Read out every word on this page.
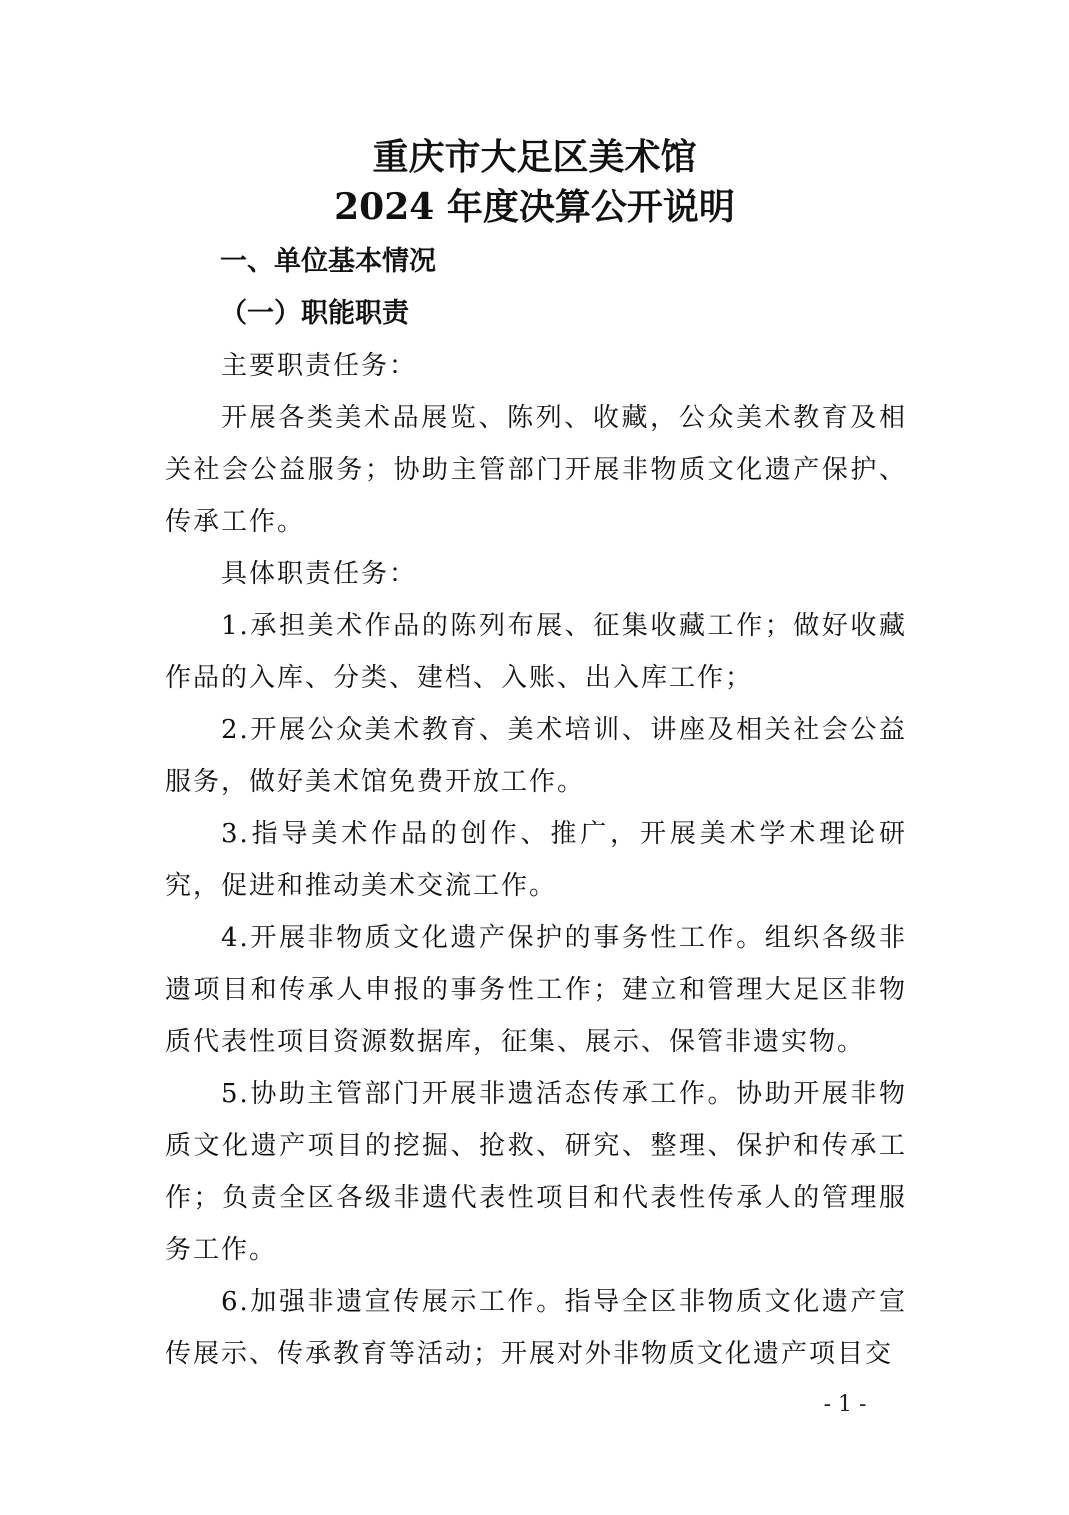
重庆市大足区美术馆
2024 年度决算公开说明

一、单位基本情况

（一）职能职责

主要职责任务：

开展各类美术品展览、陈列、收藏，公众美术教育及相关社会公益服务；协助主管部门开展非物质文化遗产保护、传承工作。

具体职责任务：

1.承担美术作品的陈列布展、征集收藏工作；做好收藏作品的入库、分类、建档、入账、出入库工作；

2.开展公众美术教育、美术培训、讲座及相关社会公益服务，做好美术馆免费开放工作。

3.指导美术作品的创作、推广，开展美术学术理论研究，促进和推动美术交流工作。

4.开展非物质文化遗产保护的事务性工作。组织各级非遗项目和传承人申报的事务性工作；建立和管理大足区非物质代表性项目资源数据库，征集、展示、保管非遗实物。

5.协助主管部门开展非遗活态传承工作。协助开展非物质文化遗产项目的挖掘、抢救、研究、整理、保护和传承工作；负责全区各级非遗代表性项目和代表性传承人的管理服务工作。

6.加强非遗宣传展示工作。指导全区非物质文化遗产宣传展示、传承教育等活动；开展对外非物质文化遗产项目交

- 1 -
